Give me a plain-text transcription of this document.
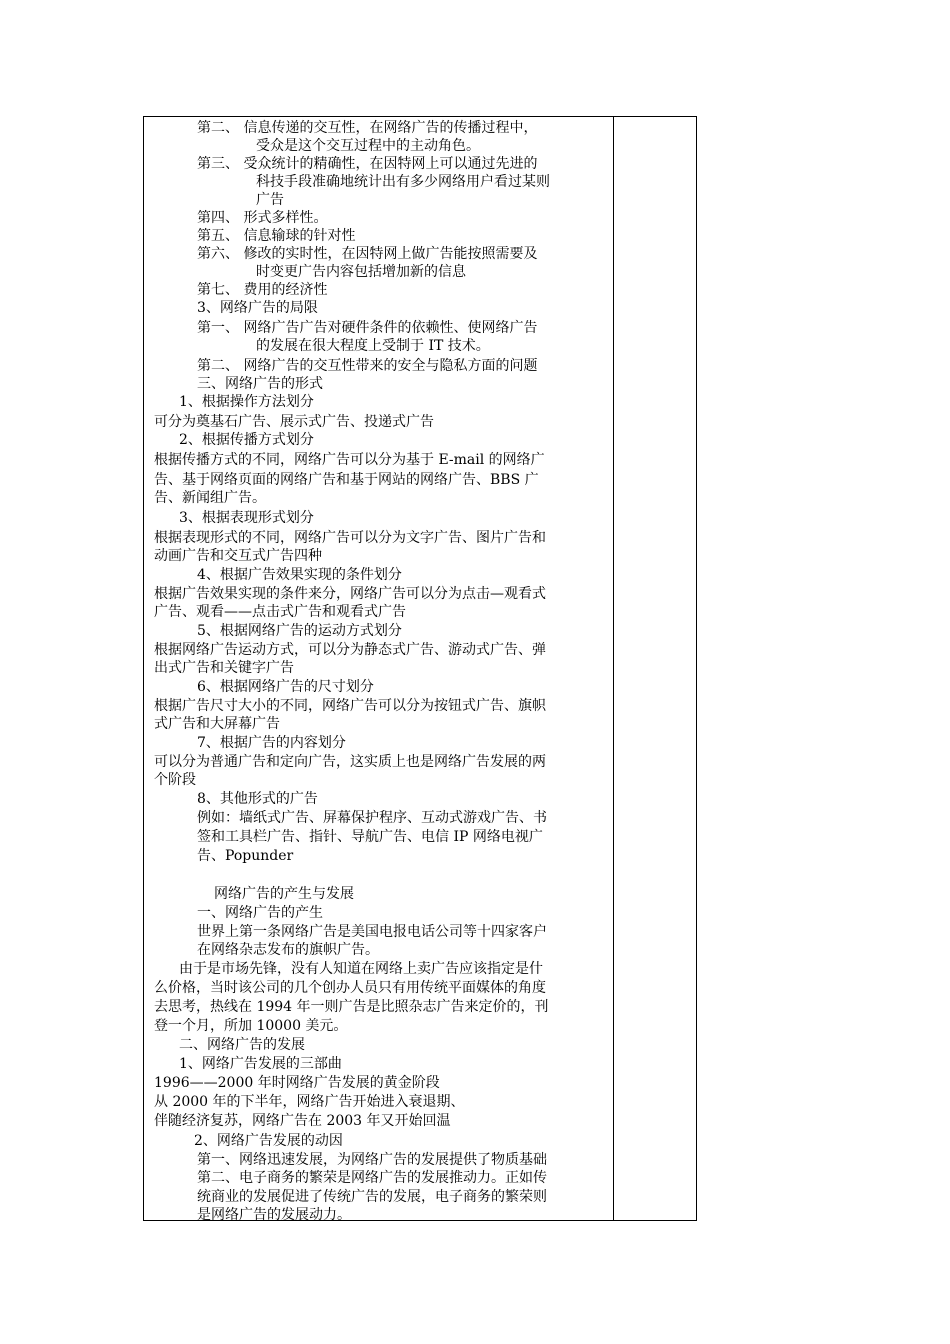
第二、 信息传递的交互性，在网络广告的传播过程中，
受众是这个交互过程中的主动角色。
第三、 受众统计的精确性，在因特网上可以通过先进的
科技手段准确地统计出有多少网络用户看过某则
广告
第四、 形式多样性。
第五、 信息输球的针对性
第六、 修改的实时性，在因特网上做广告能按照需要及
时变更广告内容包括增加新的信息
第七、 费用的经济性
3、网络广告的局限
第一、 网络广告广告对硬件条件的依赖性、使网络广告
的发展在很大程度上受制于 IT 技术。
第二、 网络广告的交互性带来的安全与隐私方面的问题
三、网络广告的形式
1、根据操作方法划分
可分为奠基石广告、展示式广告、投递式广告
2、根据传播方式划分
根据传播方式的不同，网络广告可以分为基于 E-mail 的网络广
告、基于网络页面的网络广告和基于网站的网络广告、BBS 广
告、新闻组广告。
3、根据表现形式划分
根据表现形式的不同，网络广告可以分为文字广告、图片广告和
动画广告和交互式广告四种
4、根据广告效果实现的条件划分
根据广告效果实现的条件来分，网络广告可以分为点击—观看式
广告、观看——点击式广告和观看式广告
5、根据网络广告的运动方式划分
根据网络广告运动方式，可以分为静态式广告、游动式广告、弹
出式广告和关键字广告
6、根据网络广告的尺寸划分
根据广告尺寸大小的不同，网络广告可以分为按钮式广告、旗帜
式广告和大屏幕广告
7、根据广告的内容划分
可以分为普通广告和定向广告，这实质上也是网络广告发展的两
个阶段
8、其他形式的广告
例如：墙纸式广告、屏幕保护程序、互动式游戏广告、书
签和工具栏广告、指针、导航广告、电信 IP 网络电视广
告、Popunder
网络广告的产生与发展
一、网络广告的产生
世界上第一条网络广告是美国电报电话公司等十四家客户
在网络杂志发布的旗帜广告。
由于是市场先锋，没有人知道在网络上卖广告应该指定是什
么价格，当时该公司的几个创办人员只有用传统平面媒体的角度
去思考，热线在 1994 年一则广告是比照杂志广告来定价的，刊
登一个月，所加 10000 美元。
二、网络广告的发展
1、网络广告发展的三部曲
1996——2000 年时网络广告发展的黄金阶段
从 2000 年的下半年，网络广告开始进入衰退期、
伴随经济复苏，网络广告在 2003 年又开始回温
2、网络广告发展的动因
第一、网络迅速发展，为网络广告的发展提供了物质基础
第二、电子商务的繁荣是网络广告的发展推动力。正如传
统商业的发展促进了传统广告的发展，电子商务的繁荣则
是网络广告的发展动力。
